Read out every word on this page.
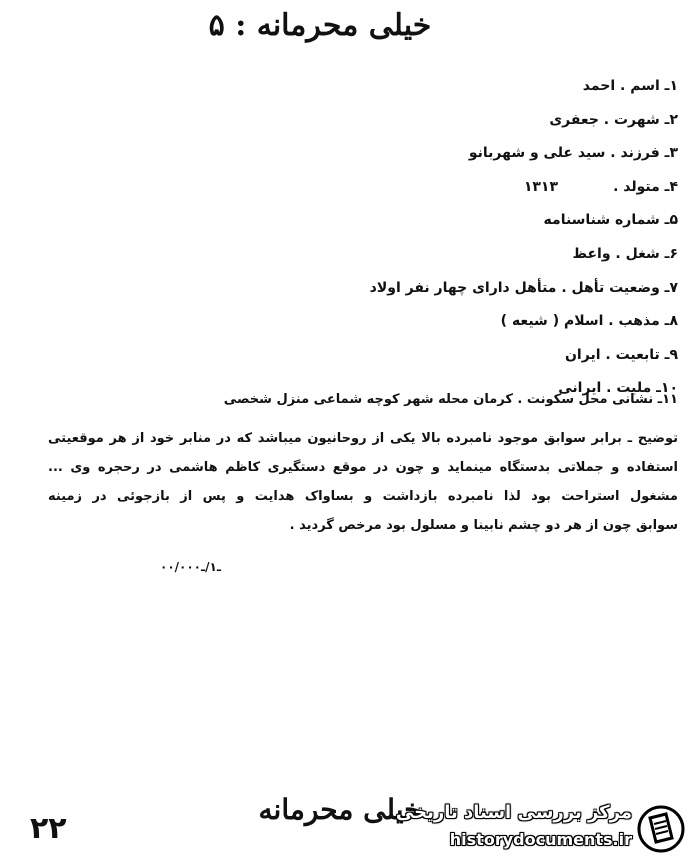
خیلی محرمانه : ۵
۱ـ اسم . احمد
۲ـ شهرت . جعفری
۳ـ فرزند . سید علی و شهربانو
۴ـ متولد .
۱۳۱۳
۵ـ شماره شناسنامه
۶ـ شغل . واعظ
۷ـ وضعیت تأهل . متأهل دارای چهار نفر اولاد
۸ـ مذهب . اسلام ( شیعه )
۹ـ تابعیت . ایران
۱۰ـ ملیت . ایرانی
۱۱ـ نشانی محل سکونت . کرمان محله شهر کوچه شماعی منزل شخصی
توضیح ـ برابر سوابق موجود نامبرده بالا یکی از روحانیون میباشد که در منابر خود از هر موقعیتی
استفاده و جملاتی بدستگاه مینماید و چون در موقع دستگیری کاظم هاشمی در رحجره وی ...
مشغول استراحت بود لذا نامبرده بازداشت و بساواک هدایت و پس از بازجوئی در زمینه
سوابق چون از هر دو چشم نابینا و مسلول بود مرخص گردید .
۰۰/ـ۱/ـ۰۰۰
خیلی محرمانه
۲۲	مرکز بررسی اسناد تاریخی
historydocuments.ir
